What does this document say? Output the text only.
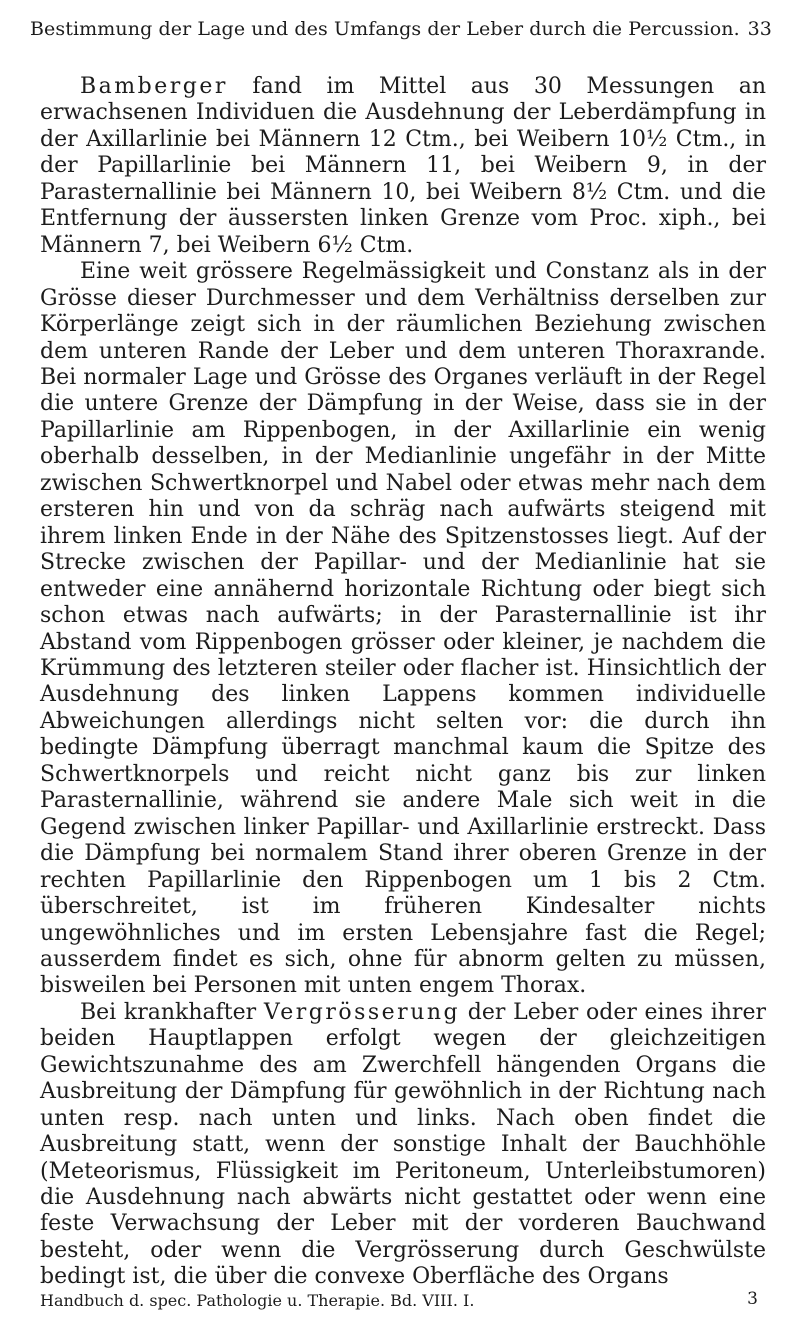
Bestimmung der Lage und des Umfangs der Leber durch die Percussion. 33

Bamberger fand im Mittel aus 30 Messungen an erwachsenen Individuen die Ausdehnung der Leberdämpfung in der Axillarlinie bei Männern 12 Ctm., bei Weibern 10½ Ctm., in der Papillarlinie bei Männern 11, bei Weibern 9, in der Parasternallinie bei Männern 10, bei Weibern 8½ Ctm. und die Entfernung der äussersten linken Grenze vom Proc. xiph., bei Männern 7, bei Weibern 6½ Ctm.

Eine weit grössere Regelmässigkeit und Constanz als in der Grösse dieser Durchmesser und dem Verhältniss derselben zur Körperlänge zeigt sich in der räumlichen Beziehung zwischen dem unteren Rande der Leber und dem unteren Thoraxrande. Bei normaler Lage und Grösse des Organes verläuft in der Regel die untere Grenze der Dämpfung in der Weise, dass sie in der Papillarlinie am Rippenbogen, in der Axillarlinie ein wenig oberhalb desselben, in der Medianlinie ungefähr in der Mitte zwischen Schwertknorpel und Nabel oder etwas mehr nach dem ersteren hin und von da schräg nach aufwärts steigend mit ihrem linken Ende in der Nähe des Spitzenstosses liegt. Auf der Strecke zwischen der Papillar- und der Medianlinie hat sie entweder eine annähernd horizontale Richtung oder biegt sich schon etwas nach aufwärts; in der Parasternallinie ist ihr Abstand vom Rippenbogen grösser oder kleiner, je nachdem die Krümmung des letzteren steiler oder flacher ist. Hinsichtlich der Ausdehnung des linken Lappens kommen individuelle Abweichungen allerdings nicht selten vor: die durch ihn bedingte Dämpfung überragt manchmal kaum die Spitze des Schwertknorpels und reicht nicht ganz bis zur linken Parasternallinie, während sie andere Male sich weit in die Gegend zwischen linker Papillar- und Axillarlinie erstreckt. Dass die Dämpfung bei normalem Stand ihrer oberen Grenze in der rechten Papillarlinie den Rippenbogen um 1 bis 2 Ctm. überschreitet, ist im früheren Kindesalter nichts ungewöhnliches und im ersten Lebensjahre fast die Regel; ausserdem findet es sich, ohne für abnorm gelten zu müssen, bisweilen bei Personen mit unten engem Thorax.

Bei krankhafter Vergrösserung der Leber oder eines ihrer beiden Hauptlappen erfolgt wegen der gleichzeitigen Gewichtszunahme des am Zwerchfell hängenden Organs die Ausbreitung der Dämpfung für gewöhnlich in der Richtung nach unten resp. nach unten und links. Nach oben findet die Ausbreitung statt, wenn der sonstige Inhalt der Bauchhöhle (Meteorismus, Flüssigkeit im Peritoneum, Unterleibstumoren) die Ausdehnung nach abwärts nicht gestattet oder wenn eine feste Verwachsung der Leber mit der vorderen Bauchwand besteht, oder wenn die Vergrösserung durch Geschwülste bedingt ist, die über die convexe Oberfläche des Organs

Handbuch d. spec. Pathologie u. Therapie. Bd. VIII. I.	3
